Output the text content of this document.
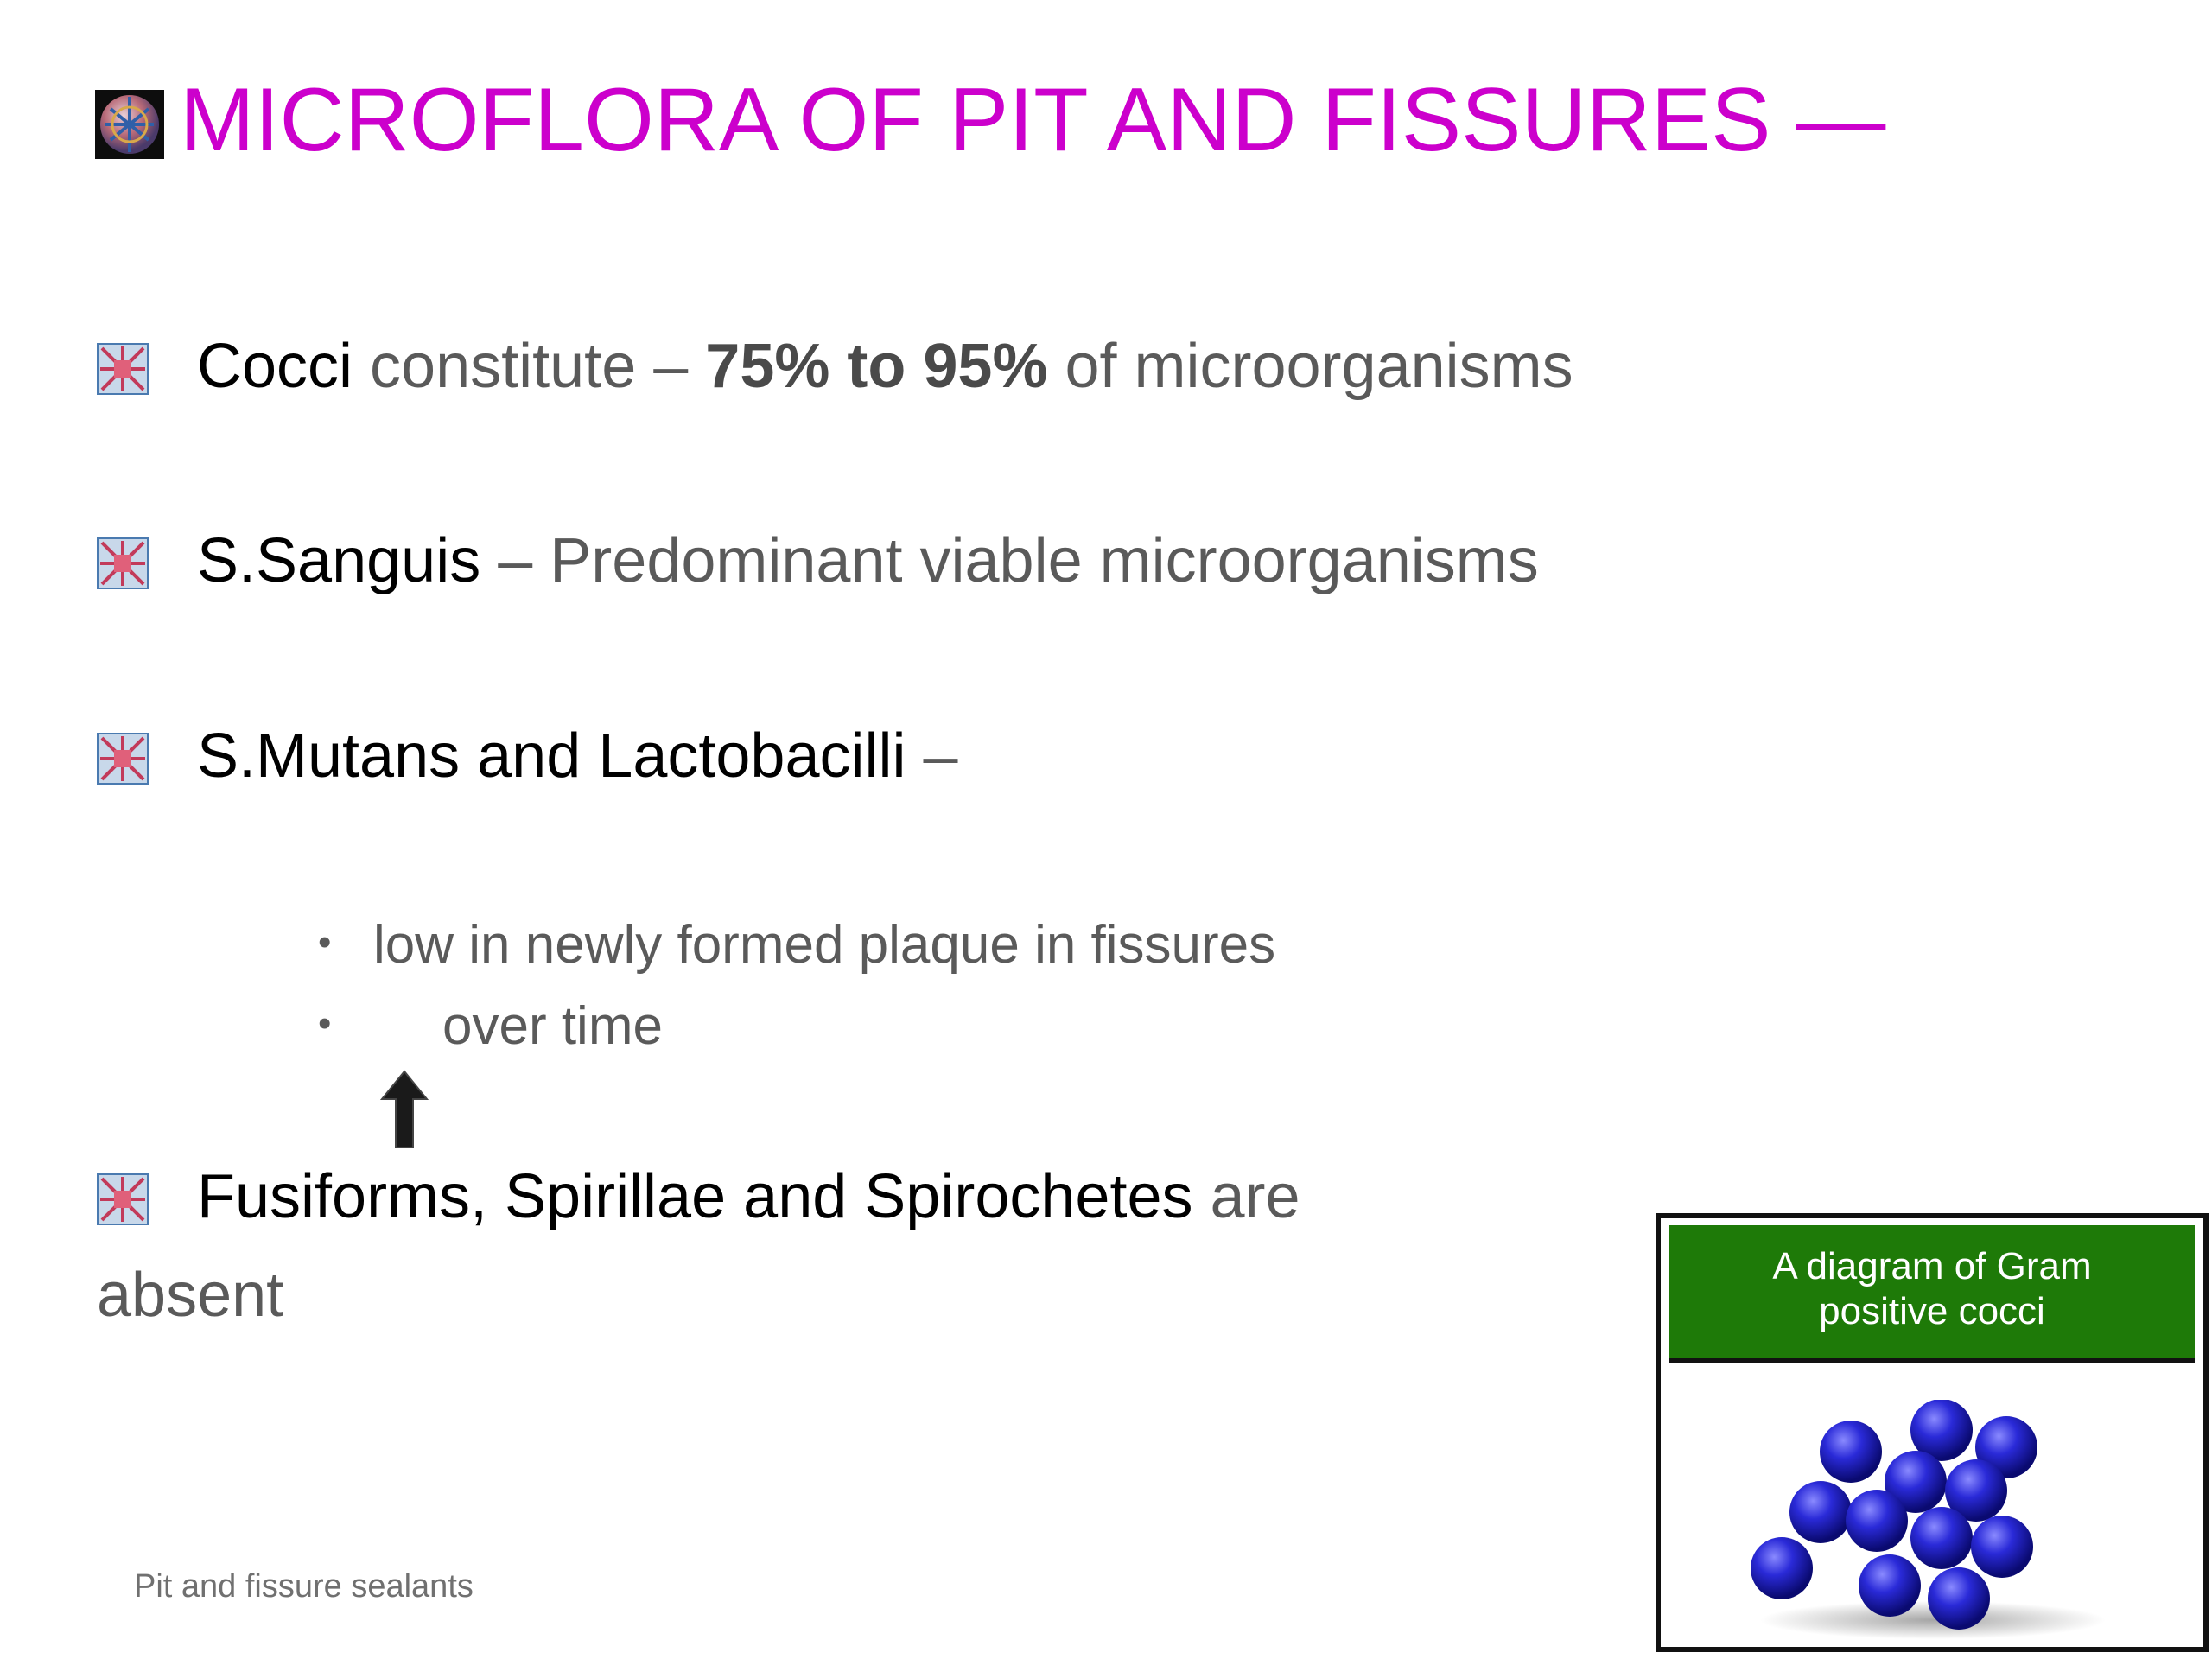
MICROFLORA OF PIT AND FISSURES —
Cocci constitute – 75% to 95% of microorganisms
S.Sanguis – Predominant viable microorganisms
S.Mutans and Lactobacilli –
• low in newly formed plaque in fissures
• over time
Fusiforms, Spirillae and Spirochetes are
absent
Pit and fissure sealants
A diagram of Gram
positive cocci
